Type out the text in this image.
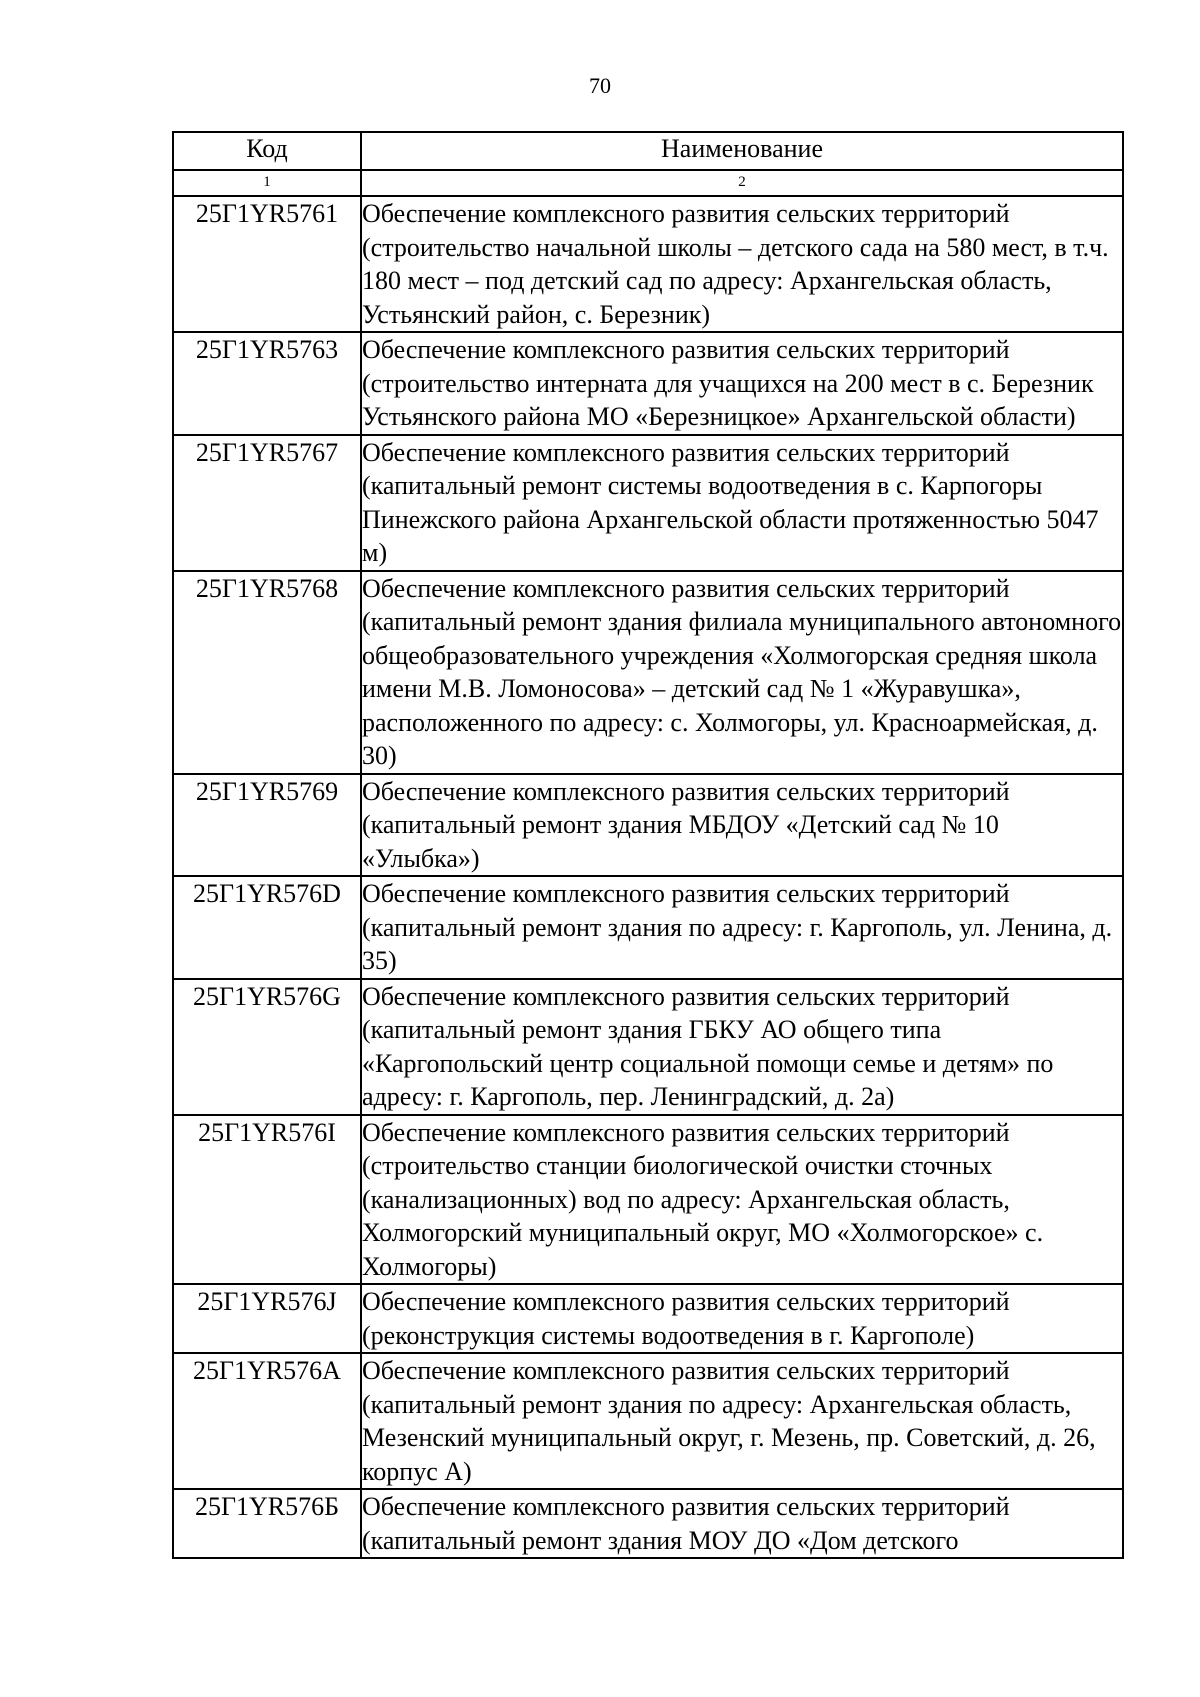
70
Код	Наименование
1	2
25Г1YR5761	Обеспечение комплексного развития сельских территорий (строительство начальной школы – детского сада на 580 мест, в т.ч. 180 мест – под детский сад по адресу: Архангельская область, Устьянский район, с. Березник)
25Г1YR5763	Обеспечение комплексного развития сельских территорий (строительство интерната для учащихся на 200 мест в с. Березник Устьянского района МО «Березницкое» Архангельской области)
25Г1YR5767	Обеспечение комплексного развития сельских территорий (капитальный ремонт системы водоотведения в с. Карпогоры Пинежского района Архангельской области протяженностью 5047 м)
25Г1YR5768	Обеспечение комплексного развития сельских территорий (капитальный ремонт здания филиала муниципального автономного общеобразовательного учреждения «Холмогорская средняя школа имени М.В. Ломоносова» – детский сад № 1 «Журавушка», расположенного по адресу: с. Холмогоры, ул. Красноармейская, д. 30)
25Г1YR5769	Обеспечение комплексного развития сельских территорий (капитальный ремонт здания МБДОУ «Детский сад № 10 «Улыбка»)
25Г1YR576D	Обеспечение комплексного развития сельских территорий (капитальный ремонт здания по адресу: г. Каргополь, ул. Ленина, д. 35)
25Г1YR576G	Обеспечение комплексного развития сельских территорий (капитальный ремонт здания ГБКУ АО общего типа «Каргопольский центр социальной помощи семье и детям» по адресу: г. Каргополь, пер. Ленинградский, д. 2а)
25Г1YR576I	Обеспечение комплексного развития сельских территорий (строительство станции биологической очистки сточных (канализационных) вод по адресу: Архангельская область, Холмогорский муниципальный округ, МО «Холмогорское» с. Холмогоры)
25Г1YR576J	Обеспечение комплексного развития сельских территорий (реконструкция системы водоотведения в г. Каргополе)
25Г1YR576A	Обеспечение комплексного развития сельских территорий (капитальный ремонт здания по адресу: Архангельская область, Мезенский муниципальный округ, г. Мезень, пр. Советский, д. 26, корпус А)
25Г1YR576Б	Обеспечение комплексного развития сельских территорий (капитальный ремонт здания МОУ ДО «Дом детского
